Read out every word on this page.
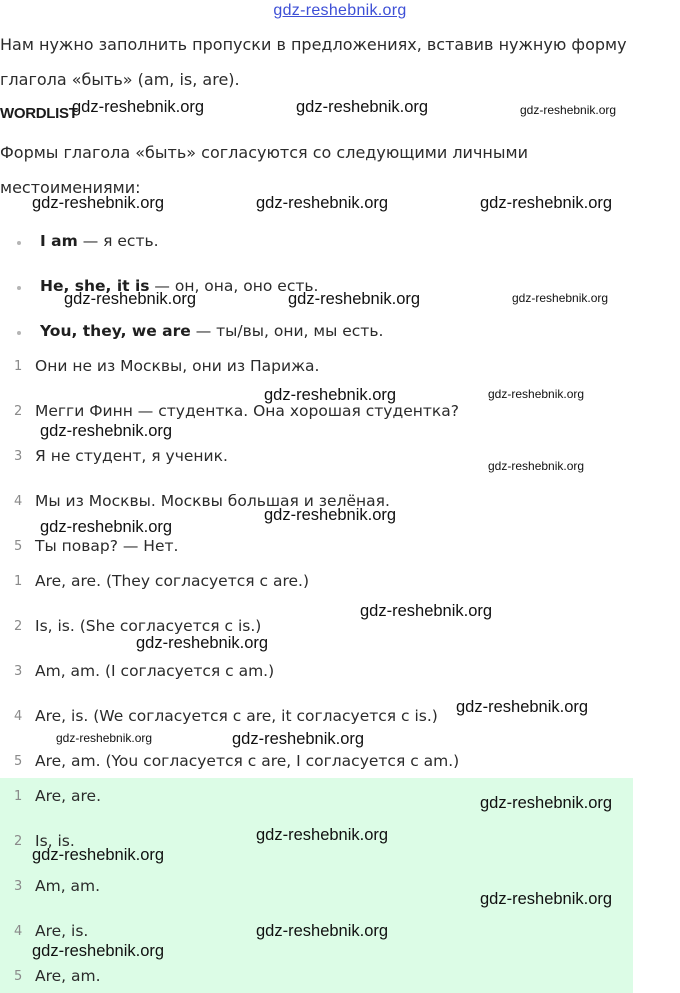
gdz-reshebnik.org
Нам нужно заполнить пропуски в предложениях, вставив нужную форму
глагола «быть» (am, is, are).
WORDLIST
Формы глагола «быть» согласуются со следующими личными
местоимениями:
I am — я есть.
He, she, it is — он, она, оно есть.
You, they, we are — ты/вы, они, мы есть.
1 Они не из Москвы, они из Парижа.
2 Мегги Финн — студентка. Она хорошая студентка?
3 Я не студент, я ученик.
4 Мы из Москвы. Москвы большая и зелёная.
5 Ты повар? — Нет.
1 Are, are. (They согласуется с are.)
2 Is, is. (She согласуется с is.)
3 Am, am. (I согласуется с am.)
4 Are, is. (We согласуется с are, it согласуется с is.)
5 Are, am. (You согласуется с are, I согласуется с am.)
1 Are, are.
2 Is, is.
3 Am, am.
4 Are, is.
5 Are, am.
gdz-reshebnik.org	gdz-reshebnik.org	gdz-reshebnik.org
gdz-reshebnik.org	gdz-reshebnik.org	gdz-reshebnik.org
gdz-reshebnik.org	gdz-reshebnik.org	gdz-reshebnik.org
gdz-reshebnik.org	gdz-reshebnik.org
gdz-reshebnik.org
gdz-reshebnik.org
gdz-reshebnik.org
gdz-reshebnik.org
gdz-reshebnik.org
gdz-reshebnik.org
gdz-reshebnik.org
gdz-reshebnik.org	gdz-reshebnik.org
gdz-reshebnik.org
gdz-reshebnik.org
gdz-reshebnik.org
gdz-reshebnik.org
gdz-reshebnik.org
gdz-reshebnik.org
